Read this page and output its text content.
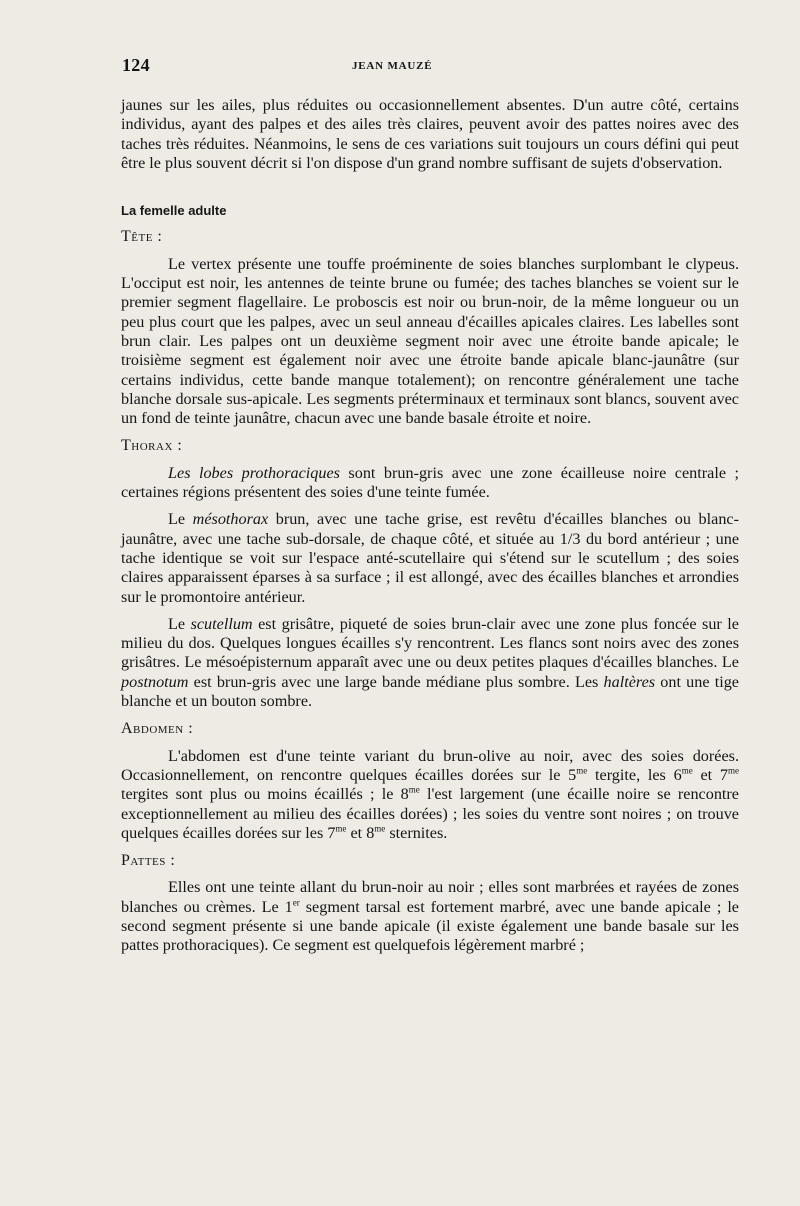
124	JEAN MAUZÉ

jaunes sur les ailes, plus réduites ou occasionnellement absentes. D'un autre côté, certains individus, ayant des palpes et des ailes très claires, peuvent avoir des pattes noires avec des taches très réduites. Néanmoins, le sens de ces variations suit toujours un cours défini qui peut être le plus souvent décrit si l'on dispose d'un grand nombre suffisant de sujets d'observation.

La femelle adulte
Tête :

Le vertex présente une touffe proéminente de soies blanches surplombant le clypeus. L'occiput est noir, les antennes de teinte brune ou fumée; des taches blanches se voient sur le premier segment flagellaire. Le proboscis est noir ou brun-noir, de la même longueur ou un peu plus court que les palpes, avec un seul anneau d'écailles apicales claires. Les labelles sont brun clair. Les palpes ont un deuxième segment noir avec une étroite bande apicale; le troisième segment est également noir avec une étroite bande apicale blanc-jaunâtre (sur certains individus, cette bande manque totalement); on rencontre généralement une tache blanche dorsale sus-apicale. Les segments préterminaux et terminaux sont blancs, souvent avec un fond de teinte jaunâtre, chacun avec une bande basale étroite et noire.

Thorax :

Les lobes prothoraciques sont brun-gris avec une zone écailleuse noire centrale ; certaines régions présentent des soies d'une teinte fumée.

Le mésothorax brun, avec une tache grise, est revêtu d'écailles blanches ou blanc-jaunâtre, avec une tache sub-dorsale, de chaque côté, et située au 1/3 du bord antérieur ; une tache identique se voit sur l'espace anté-scutellaire qui s'étend sur le scutellum ; des soies claires apparaissent éparses à sa surface ; il est allongé, avec des écailles blanches et arrondies sur le promontoire antérieur.

Le scutellum est grisâtre, piqueté de soies brun-clair avec une zone plus foncée sur le milieu du dos. Quelques longues écailles s'y rencontrent. Les flancs sont noirs avec des zones grisâtres. Le mésoépisternum apparaît avec une ou deux petites plaques d'écailles blanches. Le postnotum est brun-gris avec une large bande médiane plus sombre. Les haltères ont une tige blanche et un bouton sombre.

Abdomen :

L'abdomen est d'une teinte variant du brun-olive au noir, avec des soies dorées. Occasionnellement, on rencontre quelques écailles dorées sur le $5^{me}$ tergite, les $6^{me}$ et $7^{me}$ tergites sont plus ou moins écaillés ; le $8^{me}$ l'est largement (une écaille noire se rencontre exceptionnellement au milieu des écailles dorées) ; les soies du ventre sont noires ; on trouve quelques écailles dorées sur les $7^{me}$ et $8^{me}$ sternites.

Pattes :

Elles ont une teinte allant du brun-noir au noir ; elles sont marbrées et rayées de zones blanches ou crèmes. Le 1er segment tarsal est fortement marbré, avec une bande apicale ; le second segment présente si une bande apicale (il existe également une bande basale sur les pattes prothoraciques). Ce segment est quelquefois légèrement marbré ;
